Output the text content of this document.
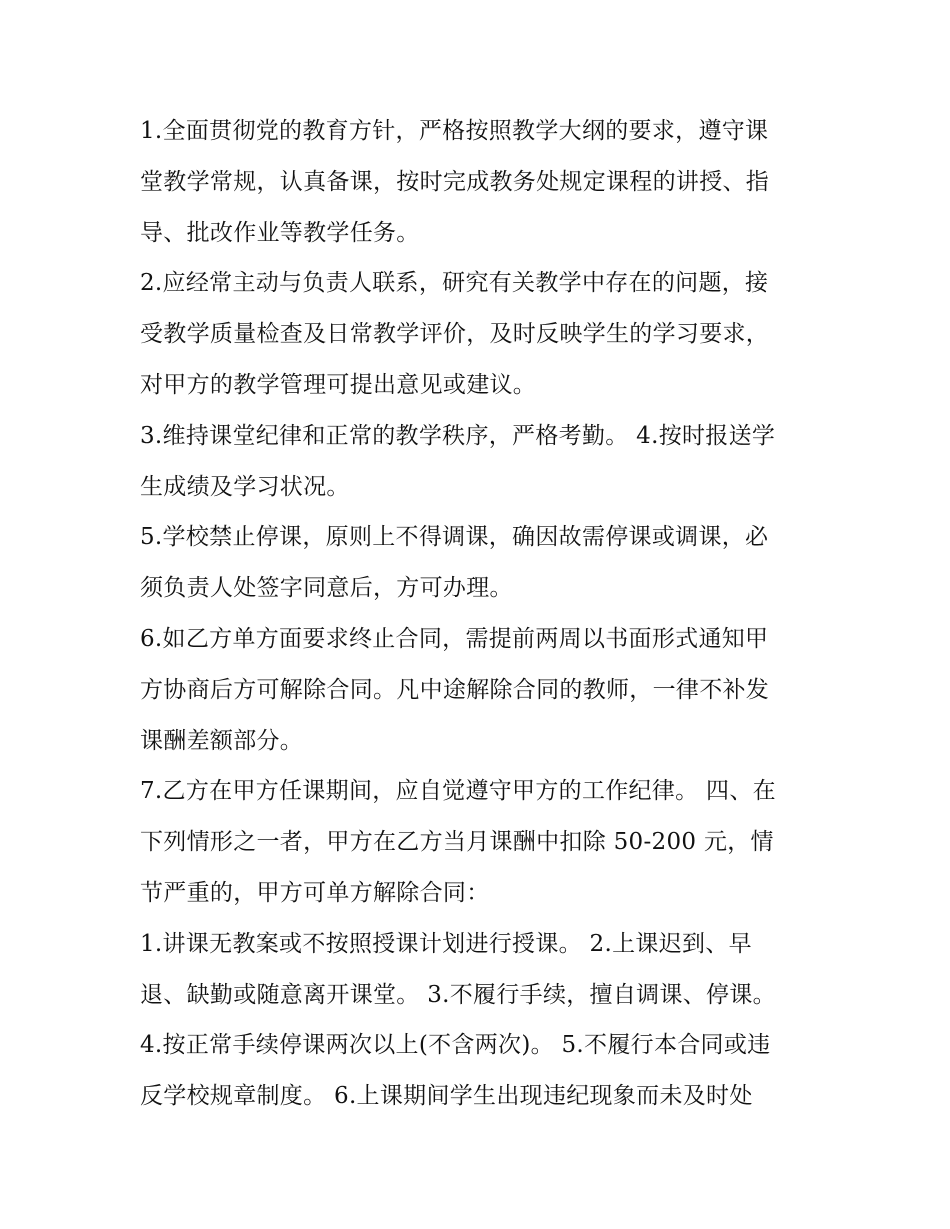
1.全面贯彻党的教育方针，严格按照教学大纲的要求，遵守课
堂教学常规，认真备课，按时完成教务处规定课程的讲授、指
导、批改作业等教学任务。
2.应经常主动与负责人联系，研究有关教学中存在的问题，接
受教学质量检查及日常教学评价，及时反映学生的学习要求，
对甲方的教学管理可提出意见或建议。
3.维持课堂纪律和正常的教学秩序，严格考勤。 4.按时报送学
生成绩及学习状况。
5.学校禁止停课，原则上不得调课，确因故需停课或调课，必
须负责人处签字同意后，方可办理。
6.如乙方单方面要求终止合同，需提前两周以书面形式通知甲
方协商后方可解除合同。凡中途解除合同的教师，一律不补发
课酬差额部分。
7.乙方在甲方任课期间，应自觉遵守甲方的工作纪律。 四、在
下列情形之一者，甲方在乙方当月课酬中扣除 50-200 元，情
节严重的，甲方可单方解除合同：
1.讲课无教案或不按照授课计划进行授课。 2.上课迟到、早
退、缺勤或随意离开课堂。 3.不履行手续，擅自调课、停课。
4.按正常手续停课两次以上(不含两次)。 5.不履行本合同或违
反学校规章制度。 6.上课期间学生出现违纪现象而未及时处
